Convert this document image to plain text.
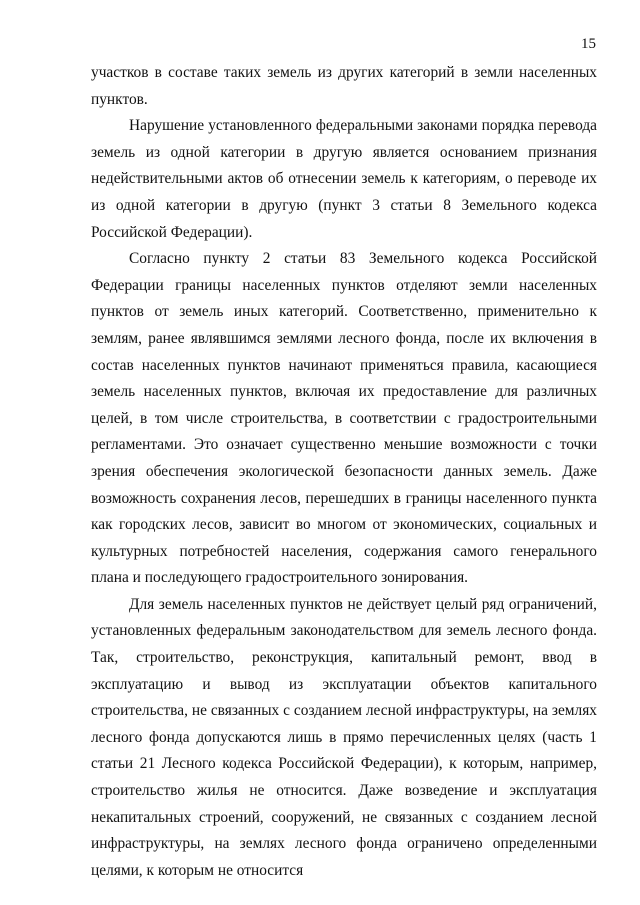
15

участков в составе таких земель из других категорий в земли населенных пунктов.

Нарушение установленного федеральными законами порядка перевода земель из одной категории в другую является основанием признания недействительными актов об отнесении земель к категориям, о переводе их из одной категории в другую (пункт 3 статьи 8 Земельного кодекса Российской Федерации).

Согласно пункту 2 статьи 83 Земельного кодекса Российской Федерации границы населенных пунктов отделяют земли населенных пунктов от земель иных категорий. Соответственно, применительно к землям, ранее являвшимся землями лесного фонда, после их включения в состав населенных пунктов начинают применяться правила, касающиеся земель населенных пунктов, включая их предоставление для различных целей, в том числе строительства, в соответствии с градостроительными регламентами. Это означает существенно меньшие возможности с точки зрения обеспечения экологической безопасности данных земель. Даже возможность сохранения лесов, перешедших в границы населенного пункта как городских лесов, зависит во многом от экономических, социальных и культурных потребностей населения, содержания самого генерального плана и последующего градостроительного зонирования.

Для земель населенных пунктов не действует целый ряд ограничений, установленных федеральным законодательством для земель лесного фонда. Так, строительство, реконструкция, капитальный ремонт, ввод в эксплуатацию и вывод из эксплуатации объектов капитального строительства, не связанных с созданием лесной инфраструктуры, на землях лесного фонда допускаются лишь в прямо перечисленных целях (часть 1 статьи 21 Лесного кодекса Российской Федерации), к которым, например, строительство жилья не относится. Даже возведение и эксплуатация некапитальных строений, сооружений, не связанных с созданием лесной инфраструктуры, на землях лесного фонда ограничено определенными целями, к которым не относится
